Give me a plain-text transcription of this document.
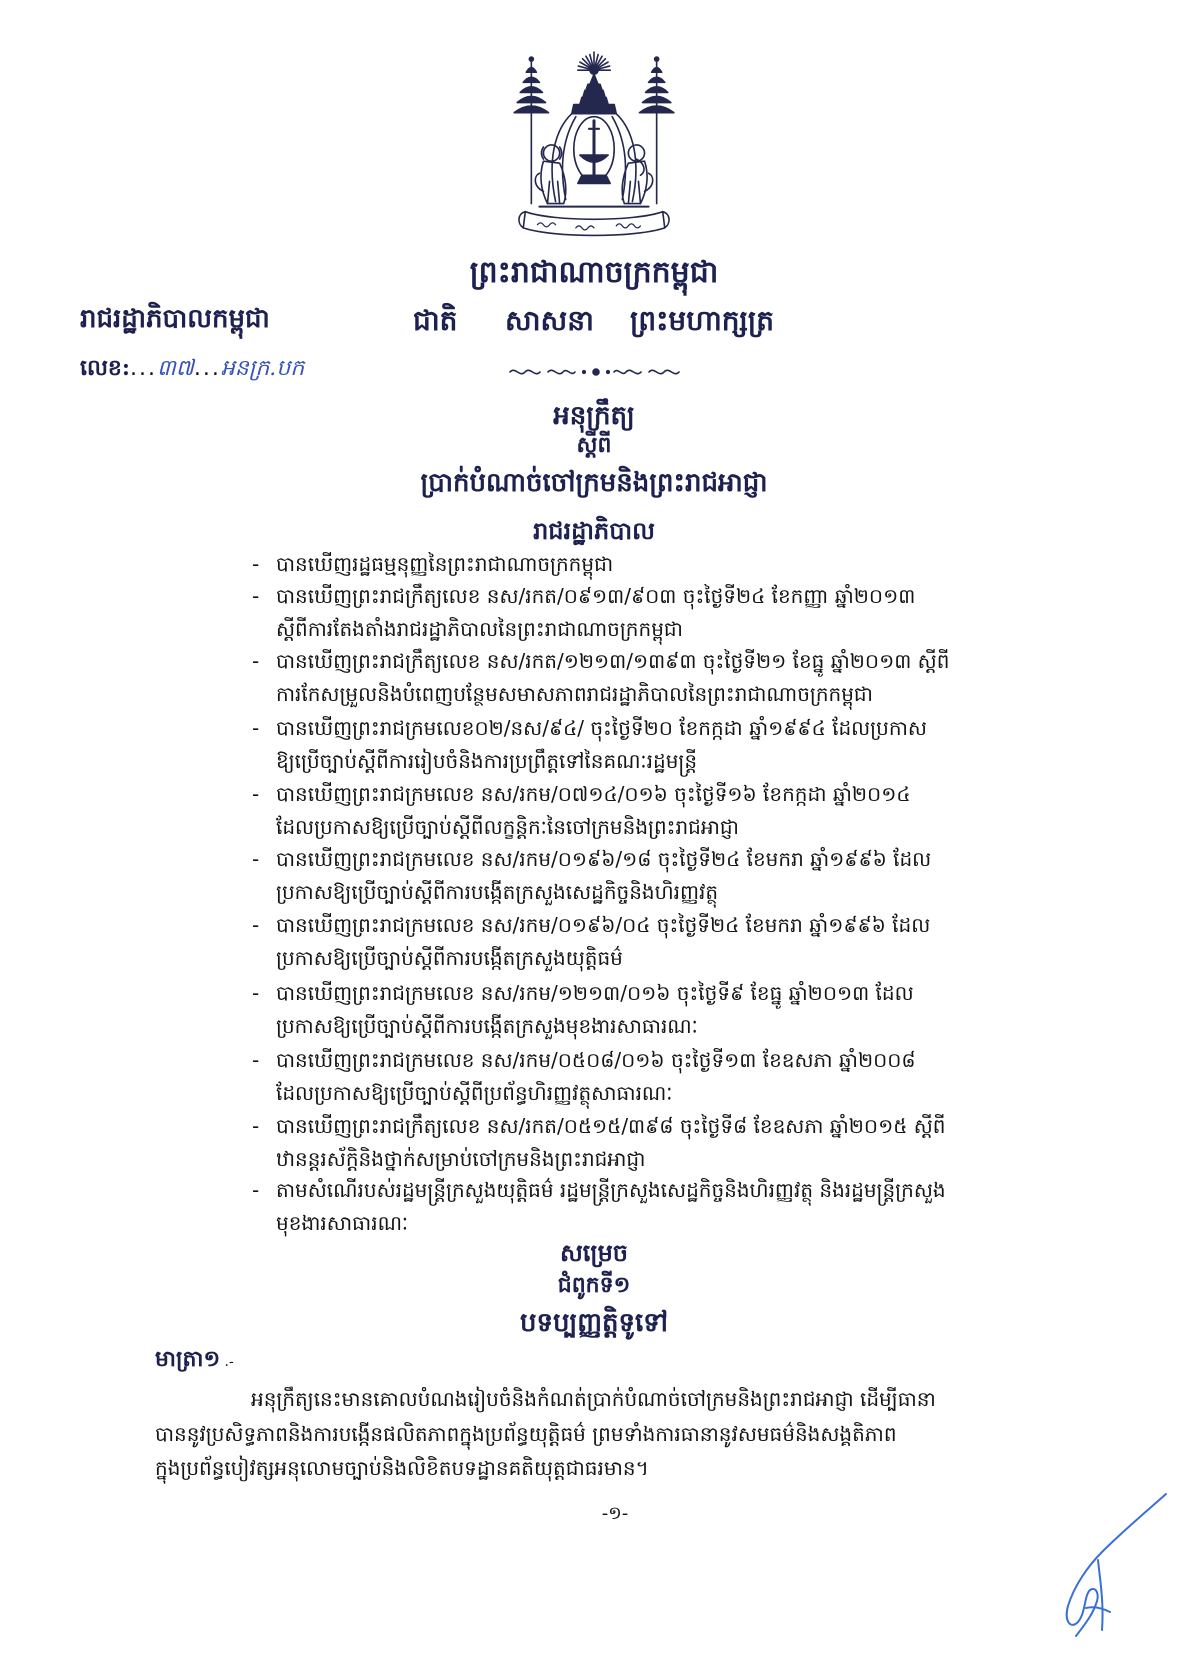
ព្រះរាជាណាចក្រកម្ពុជា
រាជរដ្ឋាភិបាលកម្ពុជា	ជាតិ សាសនា ព្រះមហាក្សត្រ
លេខ:...៣៧...អនក្រ.បក
អនុក្រឹត្យ
ស្តីពី
ប្រាក់បំណាច់ចៅក្រមនិងព្រះរាជអាជ្ញា
រាជរដ្ឋាភិបាល
- បានឃើញរដ្ឋធម្មនុញ្ញនៃព្រះរាជាណាចក្រកម្ពុជា
- បានឃើញព្រះរាជក្រឹត្យលេខ នស/រកត/០៩១៣/៩០៣ ចុះថ្ងៃទី២៤ ខែកញ្ញា ឆ្នាំ២០១៣
ស្តីពីការតែងតាំងរាជរដ្ឋាភិបាលនៃព្រះរាជាណាចក្រកម្ពុជា
- បានឃើញព្រះរាជក្រឹត្យលេខ នស/រកត/១២១៣/១៣៩៣ ចុះថ្ងៃទី២១ ខែធ្នូ ឆ្នាំ២០១៣ ស្តីពី
ការកែសម្រួលនិងបំពេញបន្ថែមសមាសភាពរាជរដ្ឋាភិបាលនៃព្រះរាជាណាចក្រកម្ពុជា
- បានឃើញព្រះរាជក្រមលេខ០២/នស/៩៤/ ចុះថ្ងៃទី២០ ខែកក្កដា ឆ្នាំ១៩៩៤ ដែលប្រកាស
ឱ្យប្រើច្បាប់ស្តីពីការរៀបចំនិងការប្រព្រឹត្តទៅនៃគណៈរដ្ឋមន្ត្រី
- បានឃើញព្រះរាជក្រមលេខ នស/រកម/០៧១៤/០១៦ ចុះថ្ងៃទី១៦ ខែកក្កដា ឆ្នាំ២០១៤
ដែលប្រកាសឱ្យប្រើច្បាប់ស្តីពីលក្ខន្តិកៈនៃចៅក្រមនិងព្រះរាជអាជ្ញា
- បានឃើញព្រះរាជក្រមលេខ នស/រកម/០១៩៦/១៨ ចុះថ្ងៃទី២៤ ខែមករា ឆ្នាំ១៩៩៦ ដែល
ប្រកាសឱ្យប្រើច្បាប់ស្តីពីការបង្កើតក្រសួងសេដ្ឋកិច្ចនិងហិរញ្ញវត្ថុ
- បានឃើញព្រះរាជក្រមលេខ នស/រកម/០១៩៦/០៤ ចុះថ្ងៃទី២៤ ខែមករា ឆ្នាំ១៩៩៦ ដែល
ប្រកាសឱ្យប្រើច្បាប់ស្តីពីការបង្កើតក្រសួងយុត្តិធម៌
- បានឃើញព្រះរាជក្រមលេខ នស/រកម/១២១៣/០១៦ ចុះថ្ងៃទី៩ ខែធ្នូ ឆ្នាំ២០១៣ ដែល
ប្រកាសឱ្យប្រើច្បាប់ស្តីពីការបង្កើតក្រសួងមុខងារសាធារណៈ
- បានឃើញព្រះរាជក្រមលេខ នស/រកម/០៥០៨/០១៦ ចុះថ្ងៃទី១៣ ខែឧសភា ឆ្នាំ២០០៨
ដែលប្រកាសឱ្យប្រើច្បាប់ស្តីពីប្រព័ន្ធហិរញ្ញវត្ថុសាធារណៈ
- បានឃើញព្រះរាជក្រឹត្យលេខ នស/រកត/០៥១៥/៣៩៨ ចុះថ្ងៃទី៨ ខែឧសភា ឆ្នាំ២០១៥ ស្តីពី
ឋានន្តរស័ក្តិនិងថ្នាក់សម្រាប់ចៅក្រមនិងព្រះរាជអាជ្ញា
- តាមសំណើរបស់រដ្ឋមន្ត្រីក្រសួងយុត្តិធម៌ រដ្ឋមន្ត្រីក្រសួងសេដ្ឋកិច្ចនិងហិរញ្ញវត្ថុ និងរដ្ឋមន្ត្រីក្រសួង
មុខងារសាធារណៈ
សម្រេច
ជំពូកទី១
បទប្បញ្ញត្តិទូទៅ
មាត្រា១ .-
អនុក្រឹត្យនេះមានគោលបំណងរៀបចំនិងកំណត់ប្រាក់បំណាច់ចៅក្រមនិងព្រះរាជអាជ្ញា ដើម្បីធានា
បាននូវប្រសិទ្ធភាពនិងការបង្កើនផលិតភាពក្នុងប្រព័ន្ធយុត្តិធម៌ ព្រមទាំងការធានានូវសមធម៌និងសង្គតិភាព
ក្នុងប្រព័ន្ធបៀវត្សអនុលោមច្បាប់និងលិខិតបទដ្ឋានគតិយុត្តជាធរមាន។
-១-
